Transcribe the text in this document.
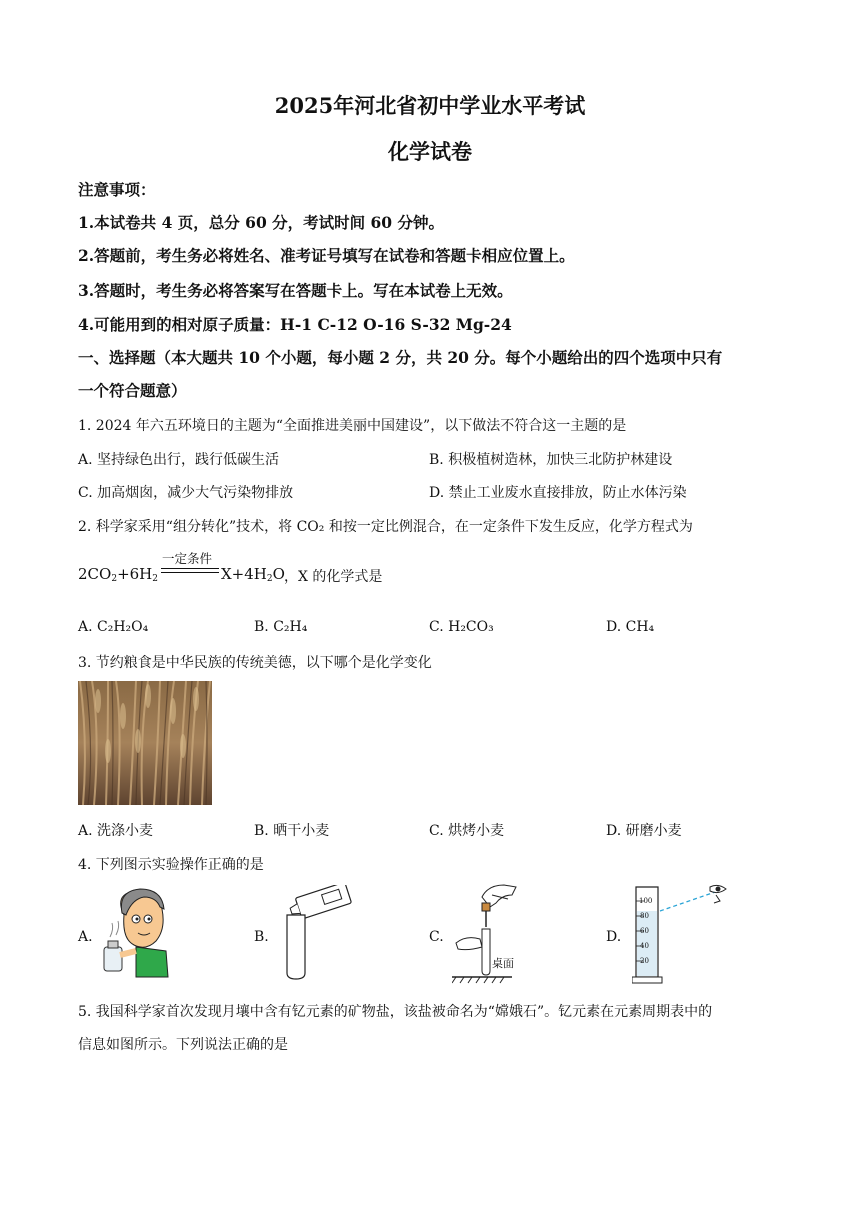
2025年河北省初中学业水平考试
化学试卷
注意事项：
1.本试卷共 4 页，总分 60 分，考试时间 60 分钟。
2.答题前，考生务必将姓名、准考证号填写在试卷和答题卡相应位置上。
3.答题时，考生务必将答案写在答题卡上。写在本试卷上无效。
4.可能用到的相对原子质量：H-1 C-12 O-16 S-32 Mg-24
一、选择题（本大题共 10 个小题，每小题 2 分，共 20 分。每个小题给出的四个选项中只有
一个符合题意）
1. 2024 年六五环境日的主题为“全面推进美丽中国建设”，以下做法不符合这一主题的是
A. 坚持绿色出行，践行低碳生活	B. 积极植树造林，加快三北防护林建设
C. 加高烟囱，减少大气污染物排放	D. 禁止工业废水直接排放，防止水体污染
2. 科学家采用“组分转化”技术，将 CO₂ 和按一定比例混合，在一定条件下发生反应，化学方程式为
$2CO_2+6H_2$
一定条件
$X+4H_2O$ ，X 的化学式是
A. C₂H₂O₄	B. C₂H₄	C. H₂CO₃	D. CH₄
3. 节约粮食是中华民族的传统美德，以下哪个是化学变化
A. 洗涤小麦	B. 晒干小麦	C. 烘烤小麦	D. 研磨小麦
4. 下列图示实验操作正确的是
A.	B.	C.
桌面
D.
100
80
60
40
20
5. 我国科学家首次发现月壤中含有钇元素的矿物盐，该盐被命名为“嫦娥石”。钇元素在元素周期表中的
信息如图所示。下列说法正确的是
